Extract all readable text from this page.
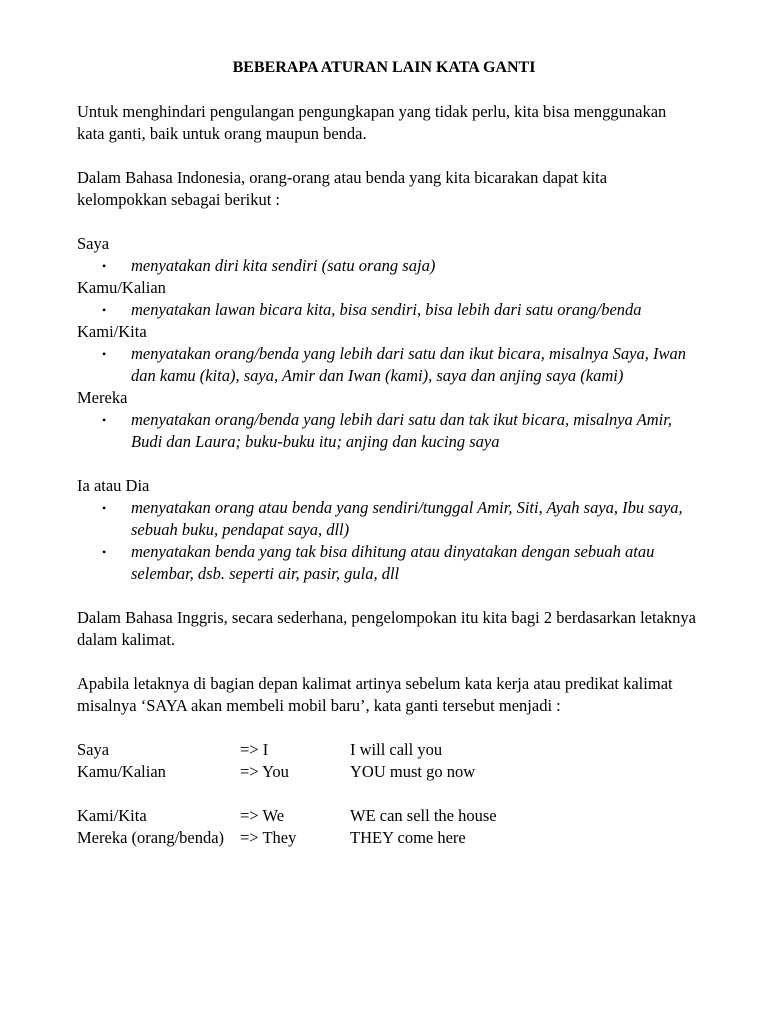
BEBERAPA ATURAN LAIN KATA GANTI

Untuk menghindari pengulangan pengungkapan yang tidak perlu, kita bisa menggunakan kata ganti, baik untuk orang maupun benda.

Dalam Bahasa Indonesia, orang-orang atau benda yang kita bicarakan dapat kita kelompokkan sebagai berikut :

Saya

• menyatakan diri kita sendiri (satu orang saja)

Kamu/Kalian

• menyatakan lawan bicara kita, bisa sendiri, bisa lebih dari satu orang/benda

Kami/Kita

• menyatakan orang/benda yang lebih dari satu dan ikut bicara, misalnya Saya, Iwan dan kamu (kita), saya, Amir dan Iwan (kami), saya dan anjing saya (kami)

Mereka

• menyatakan orang/benda yang lebih dari satu dan tak ikut bicara, misalnya Amir, Budi dan Laura; buku-buku itu; anjing dan kucing saya

Ia atau Dia

• menyatakan orang atau benda yang sendiri/tunggal Amir, Siti, Ayah saya, Ibu saya, sebuah buku, pendapat saya, dll)
• menyatakan benda yang tak bisa dihitung atau dinyatakan dengan sebuah atau selembar, dsb. seperti air, pasir, gula, dll

Dalam Bahasa Inggris, secara sederhana, pengelompokan itu kita bagi 2 berdasarkan letaknya dalam kalimat.

Apabila letaknya di bagian depan kalimat artinya sebelum kata kerja atau predikat kalimat misalnya ‘SAYA akan membeli mobil baru’, kata ganti tersebut menjadi :

Saya	=> I	I will call you
Kamu/Kalian	=> You	YOU must go now
Kami/Kita	=> We	WE can sell the house
Mereka (orang/benda) => They	THEY come here
